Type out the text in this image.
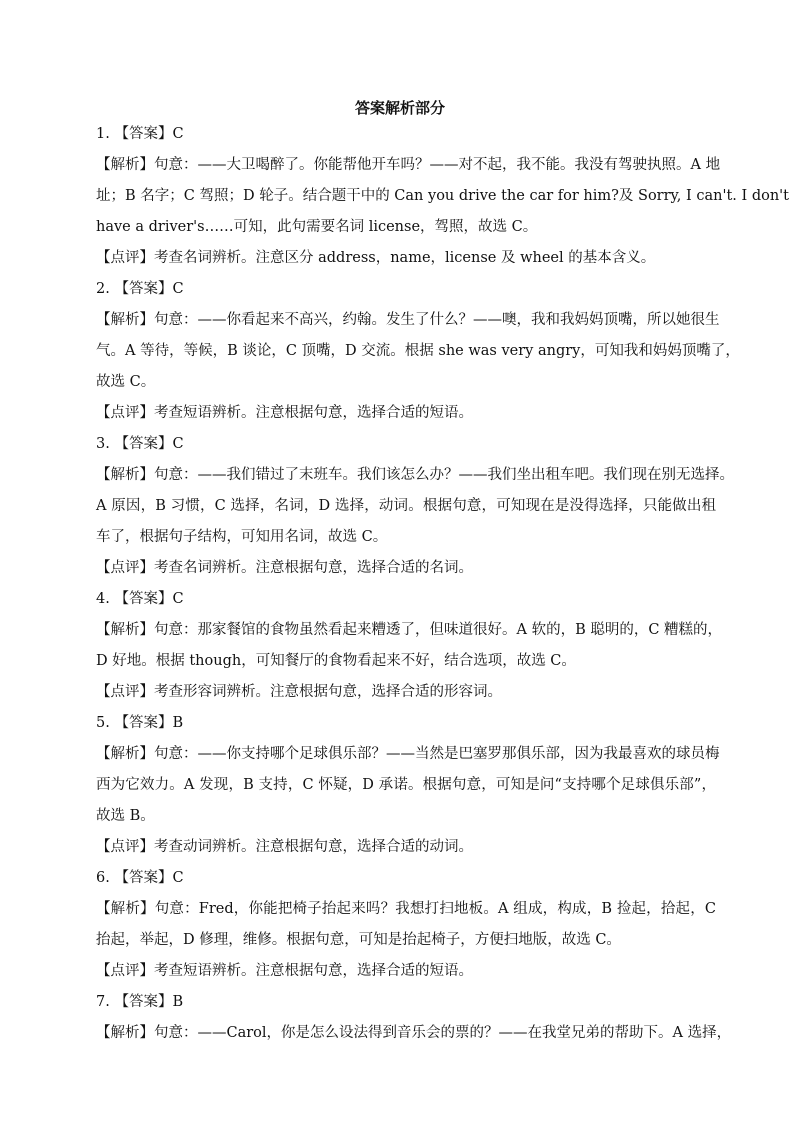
答案解析部分
1. 【答案】C
【解析】句意：——大卫喝醉了。你能帮他开车吗？——对不起，我不能。我没有驾驶执照。A 地
址；B 名字；C 驾照；D 轮子。结合题干中的 Can you drive the car for him?及 Sorry, I can't. I don't
have a driver's……可知，此句需要名词 license，驾照，故选 C。
【点评】考查名词辨析。注意区分 address，name，license 及 wheel 的基本含义。
2. 【答案】C
【解析】句意：——你看起来不高兴，约翰。发生了什么？——噢，我和我妈妈顶嘴，所以她很生
气。A 等待，等候，B 谈论，C 顶嘴，D 交流。根据 she was very angry，可知我和妈妈顶嘴了，
故选 C。
【点评】考查短语辨析。注意根据句意，选择合适的短语。
3. 【答案】C
【解析】句意：——我们错过了末班车。我们该怎么办？——我们坐出租车吧。我们现在别无选择。
A 原因，B 习惯，C 选择，名词，D 选择，动词。根据句意，可知现在是没得选择，只能做出租
车了，根据句子结构，可知用名词，故选 C。
【点评】考查名词辨析。注意根据句意，选择合适的名词。
4. 【答案】C
【解析】句意：那家餐馆的食物虽然看起来糟透了，但味道很好。A 软的，B 聪明的，C 糟糕的，
D 好地。根据 though，可知餐厅的食物看起来不好，结合选项，故选 C。
【点评】考查形容词辨析。注意根据句意，选择合适的形容词。
5. 【答案】B
【解析】句意：——你支持哪个足球俱乐部？——当然是巴塞罗那俱乐部，因为我最喜欢的球员梅
西为它效力。A 发现，B 支持，C 怀疑，D 承诺。根据句意，可知是问“支持哪个足球俱乐部”，
故选 B。
【点评】考查动词辨析。注意根据句意，选择合适的动词。
6. 【答案】C
【解析】句意：Fred，你能把椅子抬起来吗？我想打扫地板。A 组成，构成，B 捡起，拾起，C
抬起，举起，D 修理，维修。根据句意，可知是抬起椅子，方便扫地版，故选 C。
【点评】考查短语辨析。注意根据句意，选择合适的短语。
7. 【答案】B
【解析】句意：——Carol，你是怎么设法得到音乐会的票的？——在我堂兄弟的帮助下。A 选择，
